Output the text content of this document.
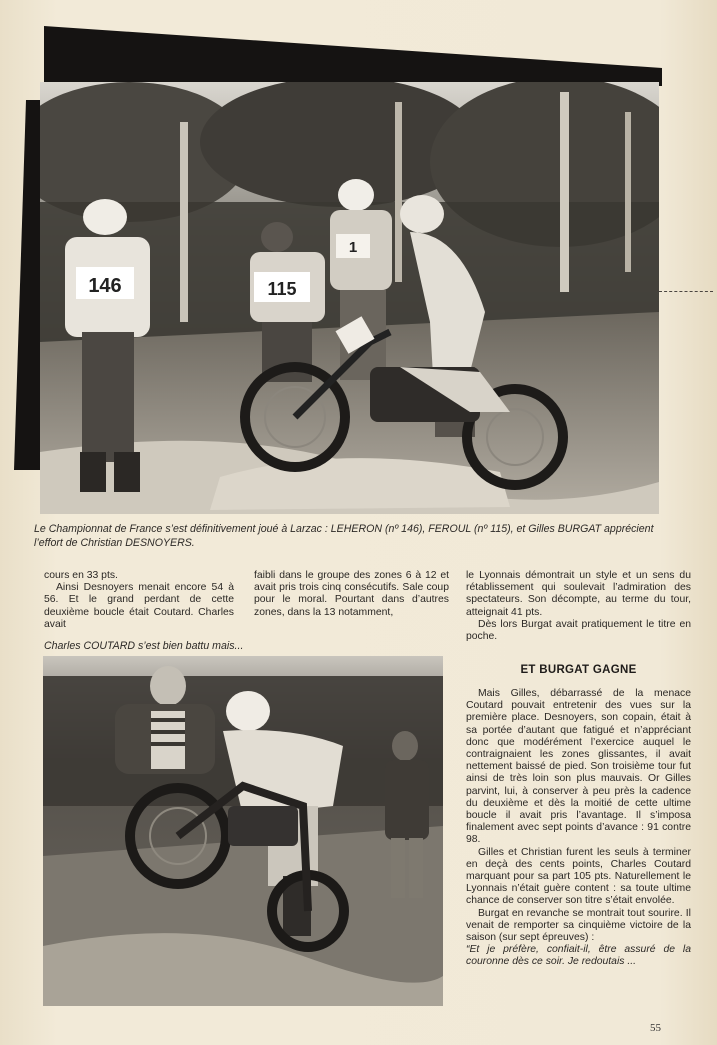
146	115
1

Le Championnat de France s’est définitivement joué à Larzac : LEHERON (nº 146), FEROUL (nº 115), et Gilles BURGAT apprécient l’effort de Christian DESNOYERS.

cours en 33 pts.

Ainsi Desnoyers menait encore 54 à 56. Et le grand perdant de cette deuxième boucle était Coutard. Charles avait

faibli dans le groupe des zones 6 à 12 et avait pris trois cinq consécutifs. Sale coup pour le moral. Pourtant dans d’autres zones, dans la 13 notamment,

le Lyonnais démontrait un style et un sens du rétablissement qui soulevait l’admiration des spectateurs. Son décompte, au terme du tour, atteignait 41 pts.

Dès lors Burgat avait pratiquement le titre en poche.

Charles COUTARD s’est bien battu mais...

ET BURGAT GAGNE

Mais Gilles, débarrassé de la menace Coutard pouvait entretenir des vues sur la première place. Desnoyers, son copain, était à sa portée d’autant que fatigué et n’appréciant donc que modérément l’exercice auquel le contraignaient les zones glissantes, il avait nettement baissé de pied. Son troisième tour fut ainsi de très loin son plus mauvais. Or Gilles parvint, lui, à conserver à peu près la cadence du deuxième et dès la moitié de cette ultime boucle il avait pris l’avantage. Il s’imposa finalement avec sept points d’avance : 91 contre 98.

Gilles et Christian furent les seuls à terminer en deçà des cents points, Charles Coutard marquant pour sa part 105 pts. Naturellement le Lyonnais n’était guère content : sa toute ultime chance de conserver son titre s’était envolée.

Burgat en revanche se montrait tout sourire. Il venait de remporter sa cinquième victoire de la saison (sur sept épreuves) :

“Et je préfère, confiait-il, être assuré de la couronne dès ce soir. Je redoutais ...

55
